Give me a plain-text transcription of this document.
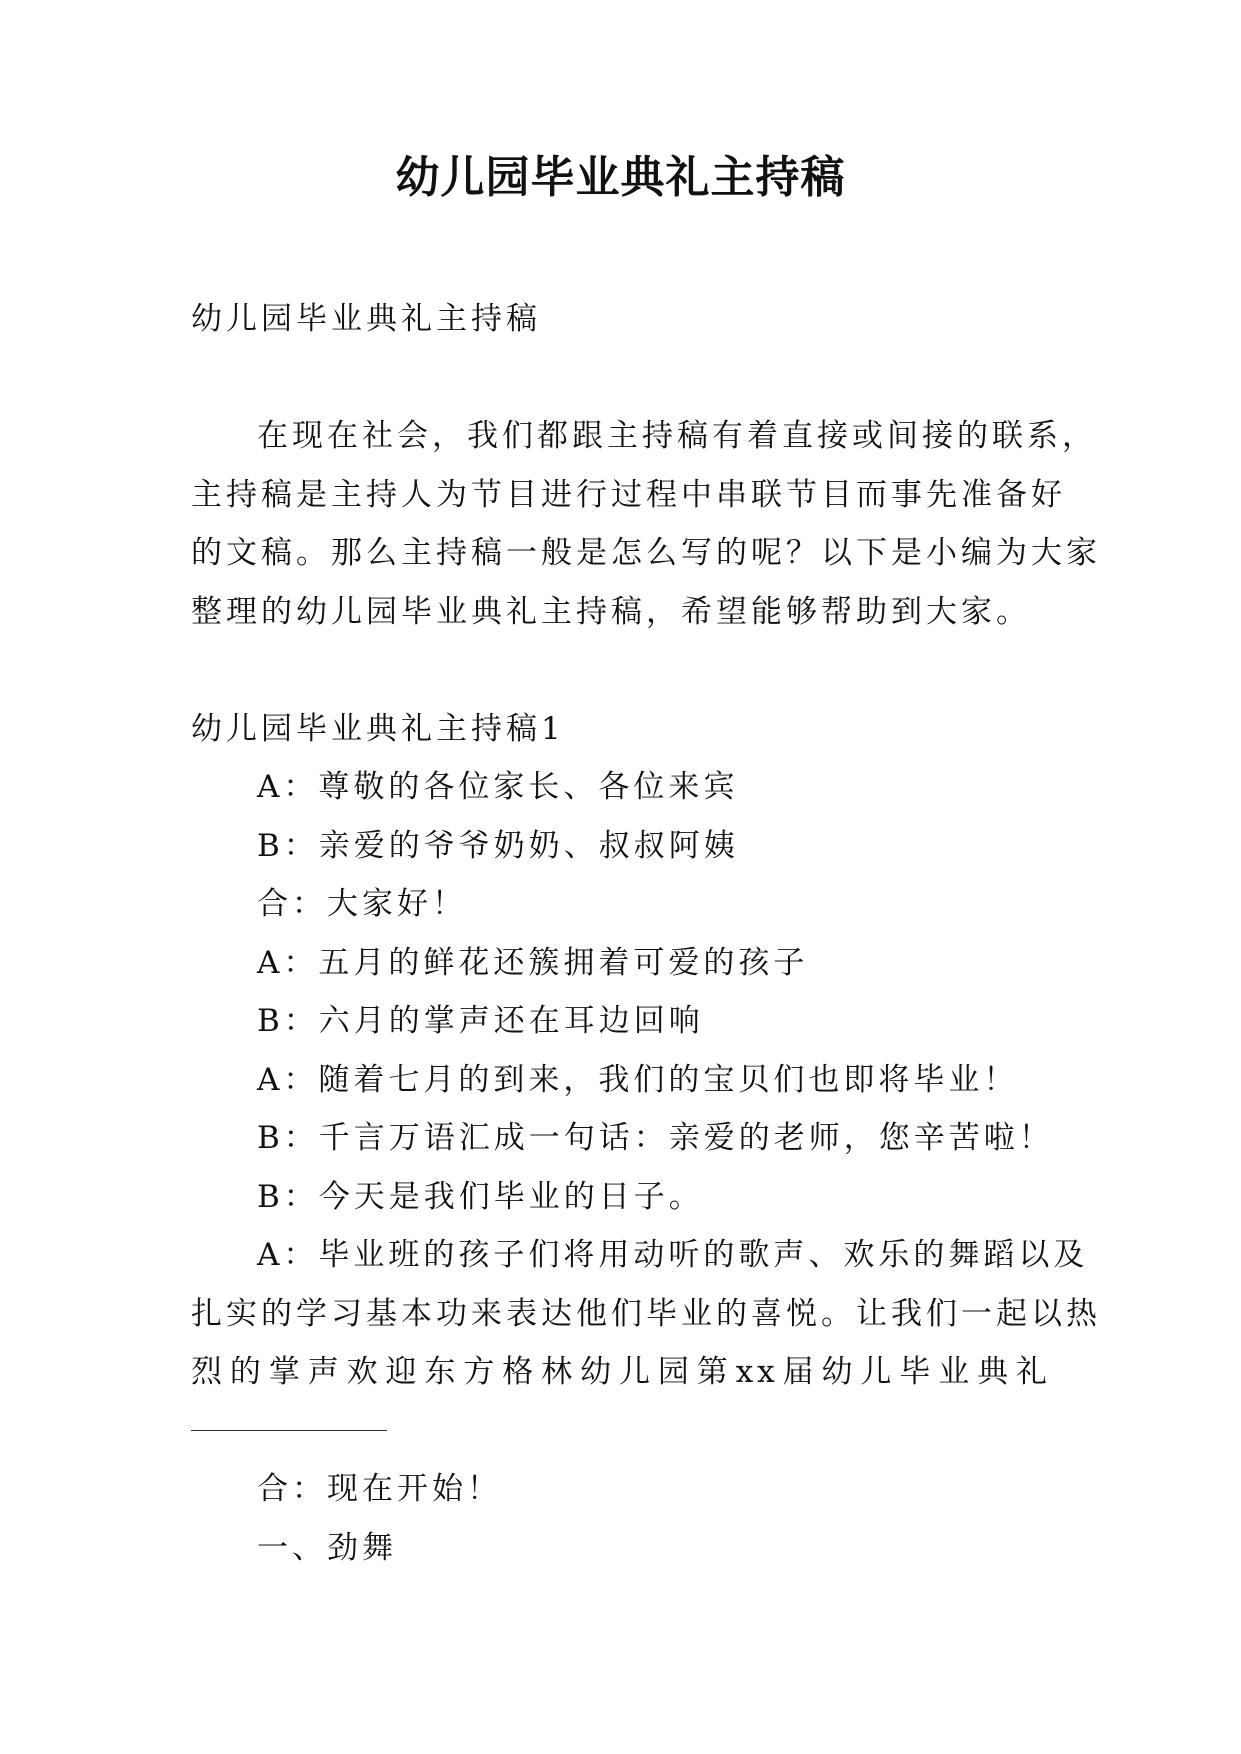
幼儿园毕业典礼主持稿
幼儿园毕业典礼主持稿
在现在社会，我们都跟主持稿有着直接或间接的联系，
主持稿是主持人为节目进行过程中串联节目而事先准备好
的文稿。那么主持稿一般是怎么写的呢？以下是小编为大家
整理的幼儿园毕业典礼主持稿，希望能够帮助到大家。
幼儿园毕业典礼主持稿1
A：尊敬的各位家长、各位来宾
B：亲爱的爷爷奶奶、叔叔阿姨
合：大家好！
A：五月的鲜花还簇拥着可爱的孩子
B：六月的掌声还在耳边回响
A：随着七月的到来，我们的宝贝们也即将毕业！
B：千言万语汇成一句话：亲爱的老师，您辛苦啦！
B：今天是我们毕业的日子。
A：毕业班的孩子们将用动听的歌声、欢乐的舞蹈以及
扎实的学习基本功来表达他们毕业的喜悦。让我们一起以热
烈 的 掌 声 欢 迎 东 方 格 林 幼 儿 园 第 xx 届 幼 儿 毕 业 典 礼
合：现在开始！
一、劲舞
